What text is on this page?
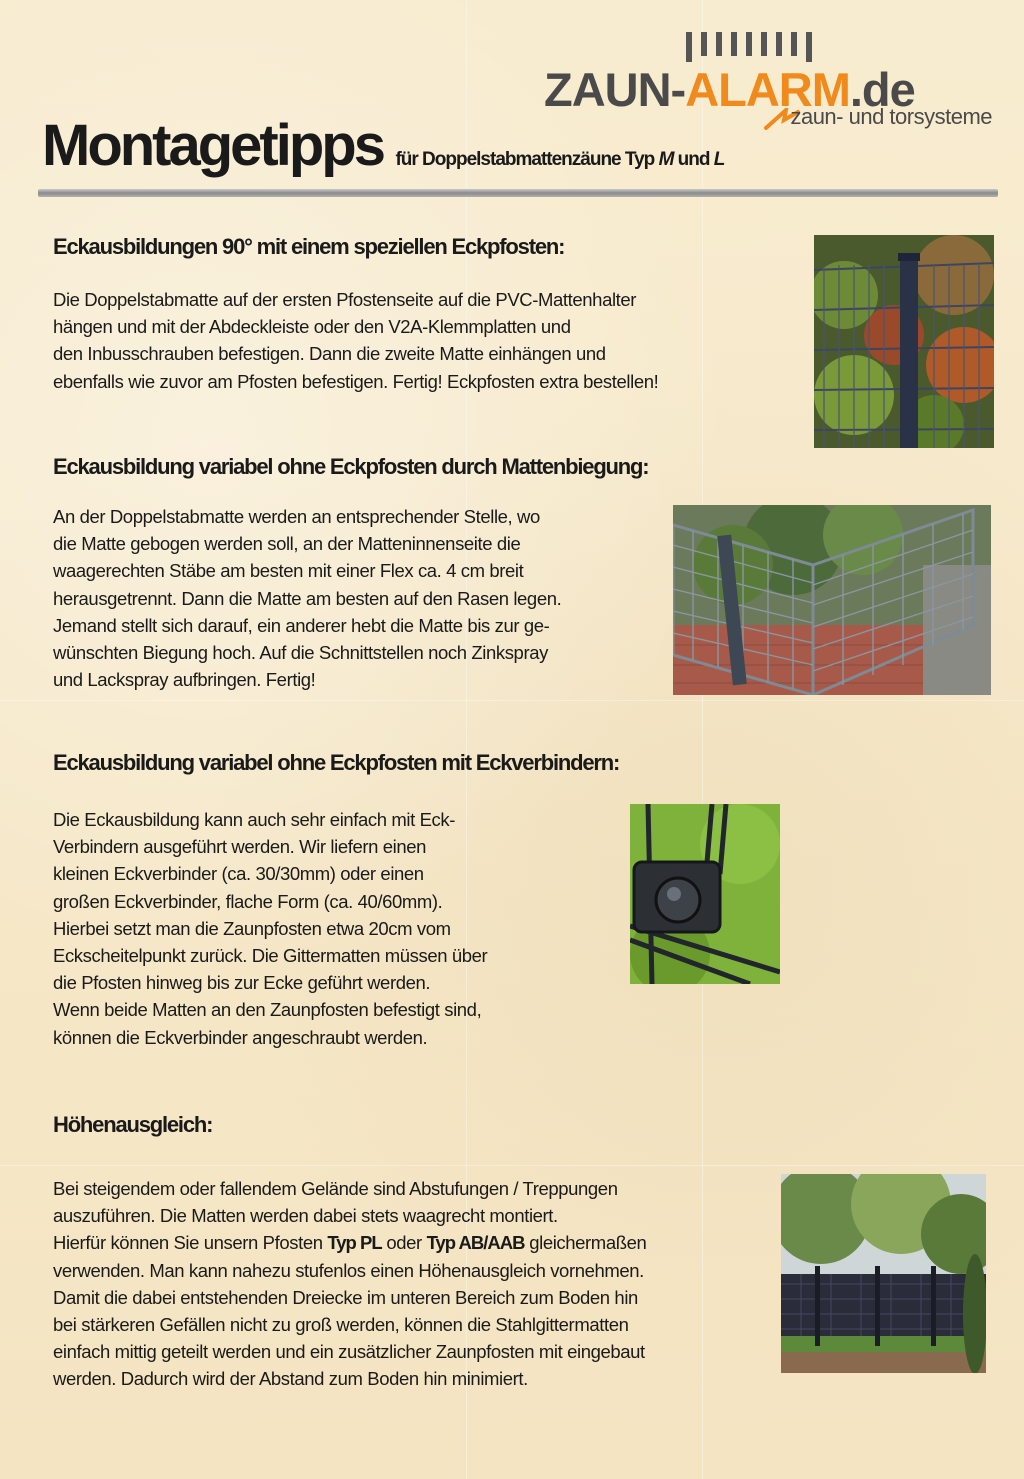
ZAUN-ALARM.de
zaun- und torsysteme
Montagetipps für Doppelstabmattenzäune Typ M und L
Eckausbildungen 90° mit einem speziellen Eckpfosten:
Die Doppelstabmatte auf der ersten Pfostenseite auf die PVC-Mattenhalter
hängen und mit der Abdeckleiste oder den V2A-Klemmplatten und
den Inbusschrauben befestigen. Dann die zweite Matte einhängen und
ebenfalls wie zuvor am Pfosten befestigen. Fertig! Eckpfosten extra bestellen!
Eckausbildung variabel ohne Eckpfosten durch Mattenbiegung:
An der Doppelstabmatte werden an entsprechender Stelle, wo
die Matte gebogen werden soll, an der Matteninnenseite die
waagerechten Stäbe am besten mit einer Flex ca. 4 cm breit
herausgetrennt. Dann die Matte am besten auf den Rasen legen.
Jemand stellt sich darauf, ein anderer hebt die Matte bis zur ge-
wünschten Biegung hoch. Auf die Schnittstellen noch Zinkspray
und Lackspray aufbringen. Fertig!
Eckausbildung variabel ohne Eckpfosten mit Eckverbindern:
Die Eckausbildung kann auch sehr einfach mit Eck-
Verbindern ausgeführt werden. Wir liefern einen
kleinen Eckverbinder (ca. 30/30mm) oder einen
großen Eckverbinder, flache Form (ca. 40/60mm).
Hierbei setzt man die Zaunpfosten etwa 20cm vom
Eckscheitelpunkt zurück. Die Gittermatten müssen über
die Pfosten hinweg bis zur Ecke geführt werden.
Wenn beide Matten an den Zaunpfosten befestigt sind,
können die Eckverbinder angeschraubt werden.
Höhenausgleich:
Bei steigendem oder fallendem Gelände sind Abstufungen / Treppungen
auszuführen. Die Matten werden dabei stets waagrecht montiert.
Hierfür können Sie unsern Pfosten Typ PL oder Typ AB/AAB gleichermaßen
verwenden. Man kann nahezu stufenlos einen Höhenausgleich vornehmen.
Damit die dabei entstehenden Dreiecke im unteren Bereich zum Boden hin
bei stärkeren Gefällen nicht zu groß werden, können die Stahlgittermatten
einfach mittig geteilt werden und ein zusätzlicher Zaunpfosten mit eingebaut
werden. Dadurch wird der Abstand zum Boden hin minimiert.
